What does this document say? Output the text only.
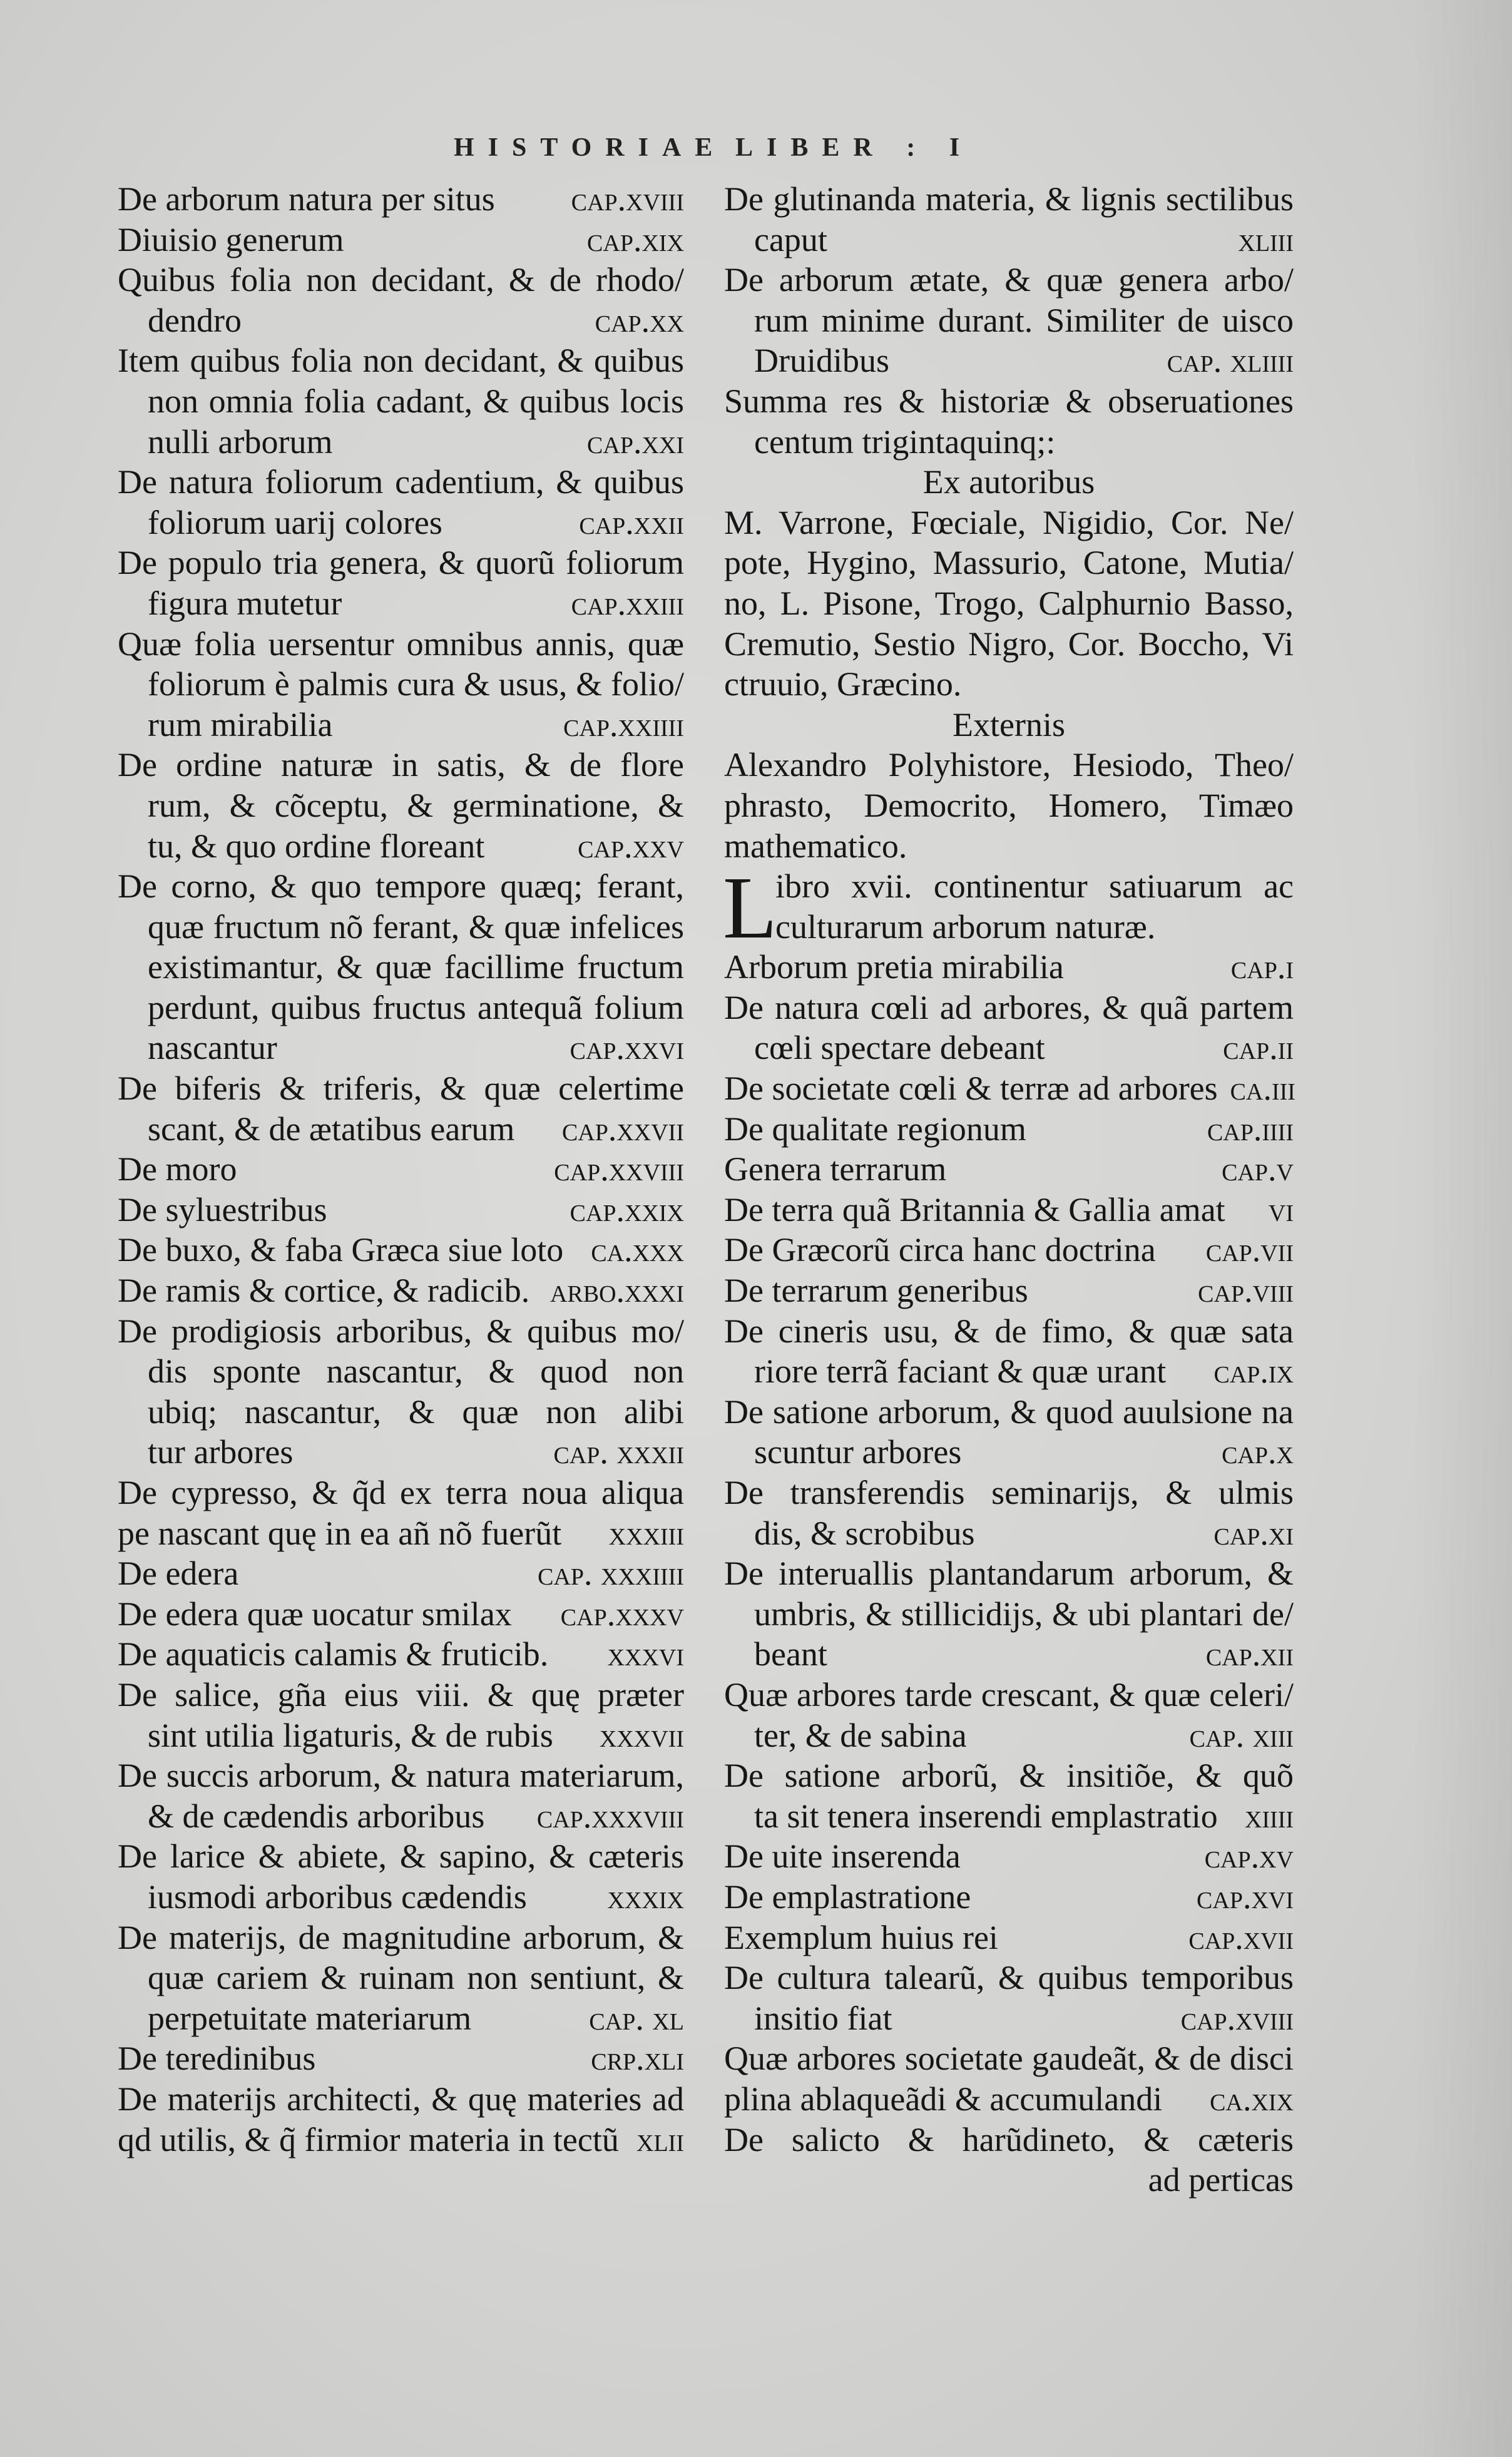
HISTORIAE LIBER : I
De arborum natura per situs	cap.xviii
Diuisio generum	cap.xix
Quibus folia non decidant, & de rhodo/
dendro	cap.xx
Item quibus folia non decidant, & quibus
non omnia folia cadant, & quibus locis
nulli arborum	cap.xxi
De natura foliorum cadentium, & quibus
foliorum uarij colores	cap.xxii
De populo tria genera, & quorũ foliorum
figura mutetur	cap.xxiii
Quæ folia uersentur omnibus annis, quæ
foliorum è palmis cura & usus, & folio/
rum mirabilia	cap.xxiiii
De ordine naturæ in satis, & de flore
rum, & cõceptu, & germinatione, &
tu, & quo ordine floreant	cap.xxv
De corno, & quo tempore quæq; ferant,
quæ fructum nõ ferant, & quæ infelices
existimantur, & quæ facillime fructum
perdunt, quibus fructus antequã folium
nascantur	cap.xxvi
De biferis & triferis, & quæ celertime
scant, & de ætatibus earum	cap.xxvii
De moro	cap.xxviii
De syluestribus	cap.xxix
De buxo, & faba Græca siue loto ca.xxx
De ramis & cortice, & radicib. arbo.xxxi
De prodigiosis arboribus, & quibus mo/
dis sponte nascantur, & quod non
ubiq; nascantur, & quæ non alibi
tur arbores	cap. xxxii
De cypresso, & q̃d ex terra noua aliqua
pe nascant quę in ea añ nõ fuerũt	xxxiii
De edera	cap. xxxiiii
De edera quæ uocatur smilax	cap.xxxv
De aquaticis calamis & fruticib.	xxxvi
De salice, gña eius viii. & quę præter
sint utilia ligaturis, & de rubis	xxxvii
De succis arborum, & natura materiarum,
& de cædendis arboribus	cap.xxxviii
De larice & abiete, & sapino, & cæteris
iusmodi arboribus cædendis	xxxix
De materijs, de magnitudine arborum, &
quæ cariem & ruinam non sentiunt, &
perpetuitate materiarum	cap. xl
De teredinibus	crp.xli
De materijs architecti, & quę materies ad
qd utilis, & q̃ firmior materia in tectũ xlii
De glutinanda materia, & lignis sectilibus
caput	xliii
De arborum ætate, & quæ genera arbo/
rum minime durant. Similiter de uisco
Druidibus	cap. xliiii
Summa res & historiæ & obseruationes
centum trigintaquinq;:
Ex autoribus
M. Varrone, Fœciale, Nigidio, Cor. Ne/
pote, Hygino, Massurio, Catone, Mutia/
no, L. Pisone, Trogo, Calphurnio Basso,
Cremutio, Sestio Nigro, Cor. Boccho, Vi
ctruuio, Græcino.
Externis
Alexandro Polyhistore, Hesiodo, Theo/
phrasto, Democrito, Homero, Timæo
mathematico.
L
ibro xvii. continentur satiuarum ac
culturarum arborum naturæ.
Arborum pretia mirabilia	cap.i
De natura cœli ad arbores, & quã partem
cœli spectare debeant	cap.ii
De societate cœli & terræ ad arbores ca.iii
De qualitate regionum	cap.iiii
Genera terrarum	cap.v
De terra quã Britannia & Gallia amat	vi
De Græcorũ circa hanc doctrina	cap.vii
De terrarum generibus	cap.viii
De cineris usu, & de fimo, & quæ sata
riore terrã faciant & quæ urant	cap.ix
De satione arborum, & quod auulsione na
scuntur arbores	cap.x
De transferendis seminarijs, & ulmis
dis, & scrobibus	cap.xi
De interuallis plantandarum arborum, &
umbris, & stillicidijs, & ubi plantari de/
beant	cap.xii
Quæ arbores tarde crescant, & quæ celeri/
ter, & de sabina	cap. xiii
De satione arborũ, & insitiõe, & quõ
ta sit tenera inserendi emplastratio xiiii
De uite inserenda	cap.xv
De emplastratione	cap.xvi
Exemplum huius rei	cap.xvii
De cultura talearũ, & quibus temporibus
insitio fiat	cap.xviii
Quæ arbores societate gaudeãt, & de disci
plina ablaqueãdi & accumulandi	ca.xix
De salicto & harũdineto, & cæteris
ad perticas
